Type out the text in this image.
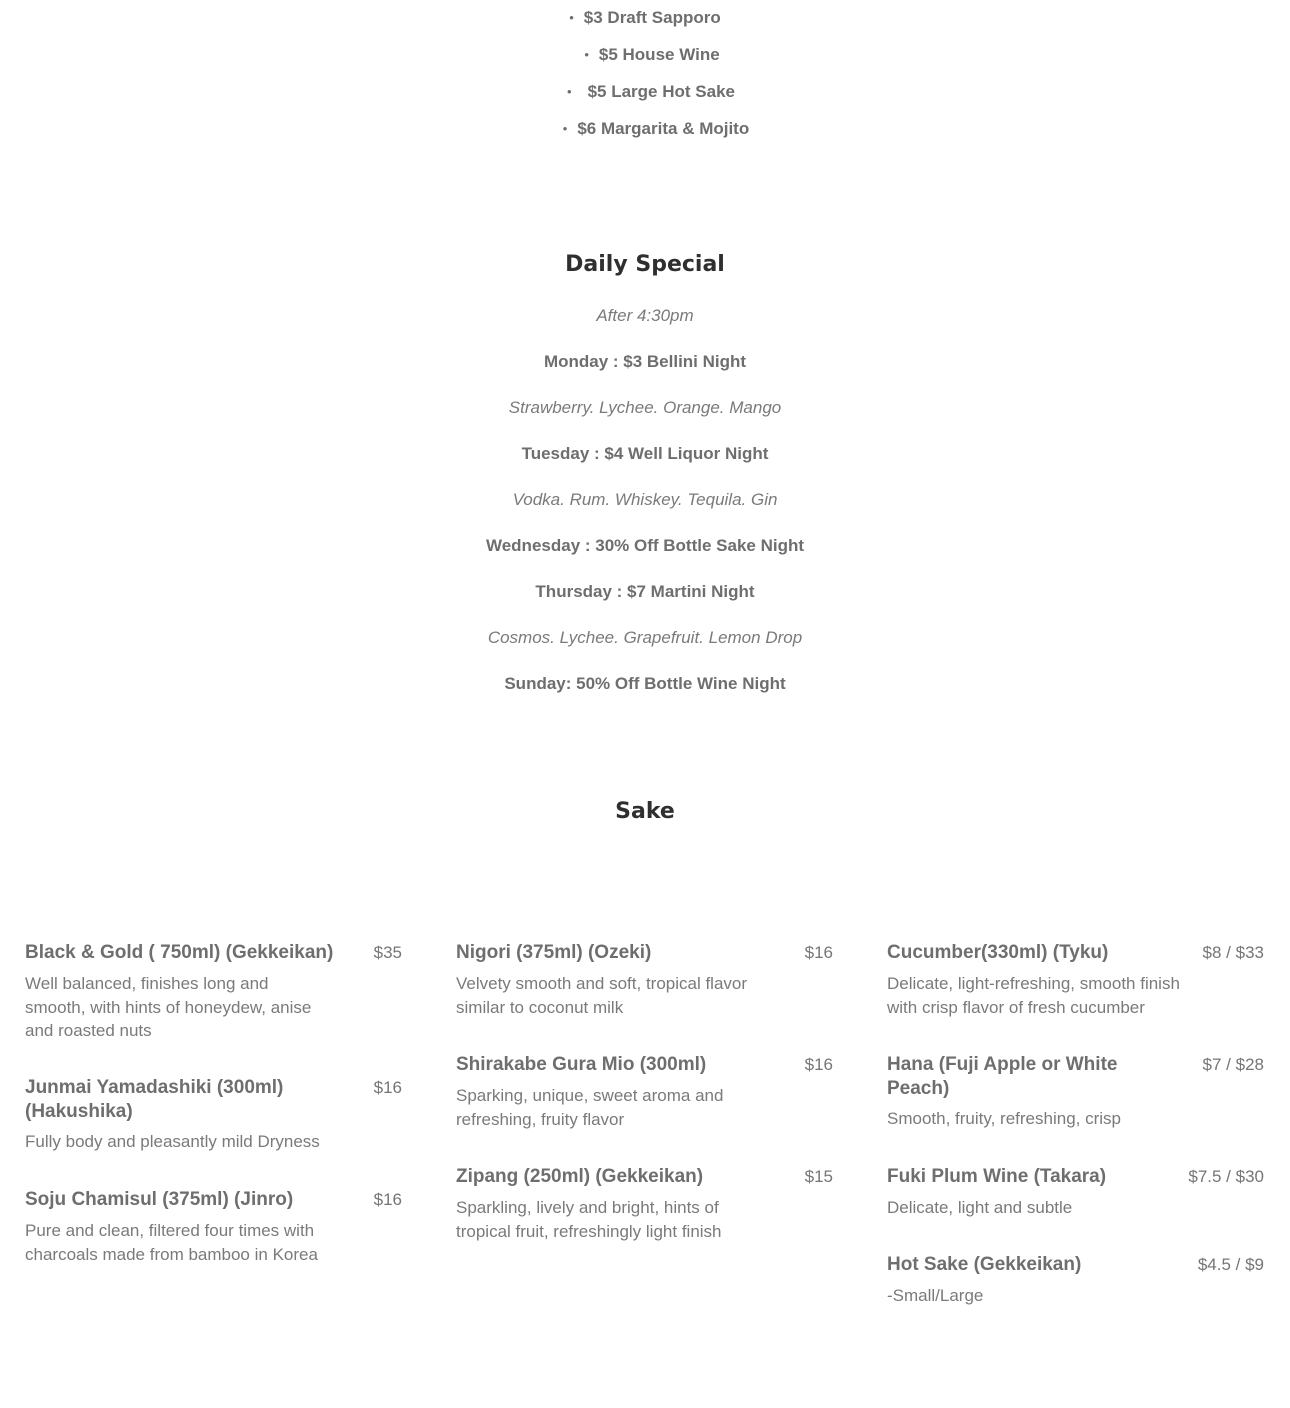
• $3 Draft Sapporo
• $5 House Wine
• $5 Large Hot Sake
• $6 Margarita & Mojito
Daily Special

After 4:30pm

Monday : $3 Bellini Night

Strawberry. Lychee. Orange. Mango

Tuesday : $4 Well Liquor Night

Vodka. Rum. Whiskey. Tequila. Gin

Wednesday : 30% Off Bottle Sake Night

Thursday : $7 Martini Night

Cosmos. Lychee. Grapefruit. Lemon Drop

Sunday: 50% Off Bottle Wine Night

Sake
Black & Gold ( 750ml) (Gekkeikan)	$35

Well balanced, finishes long and smooth, with hints of honeydew, anise and roasted nuts

Junmai Yamadashiki (300ml) (Hakushika)
$16

Fully body and pleasantly mild Dryness

Soju Chamisul (375ml) (Jinro)	$16

Pure and clean, filtered four times with charcoals made from bamboo in Korea

Nigori (375ml) (Ozeki)	$16

Velvety smooth and soft, tropical flavor similar to coconut milk

Shirakabe Gura Mio (300ml)	$16

Sparking, unique, sweet aroma and refreshing, fruity flavor

Zipang (250ml) (Gekkeikan)	$15

Sparkling, lively and bright, hints of tropical fruit, refreshingly light finish

Cucumber(330ml) (Tyku)	$8 / $33

Delicate, light-refreshing, smooth finish with crisp flavor of fresh cucumber

Hana (Fuji Apple or White Peach)
$7 / $28

Smooth, fruity, refreshing, crisp

Fuki Plum Wine (Takara)	$7.5 / $30

Delicate, light and subtle

Hot Sake (Gekkeikan)	$4.5 / $9

-Small/Large
